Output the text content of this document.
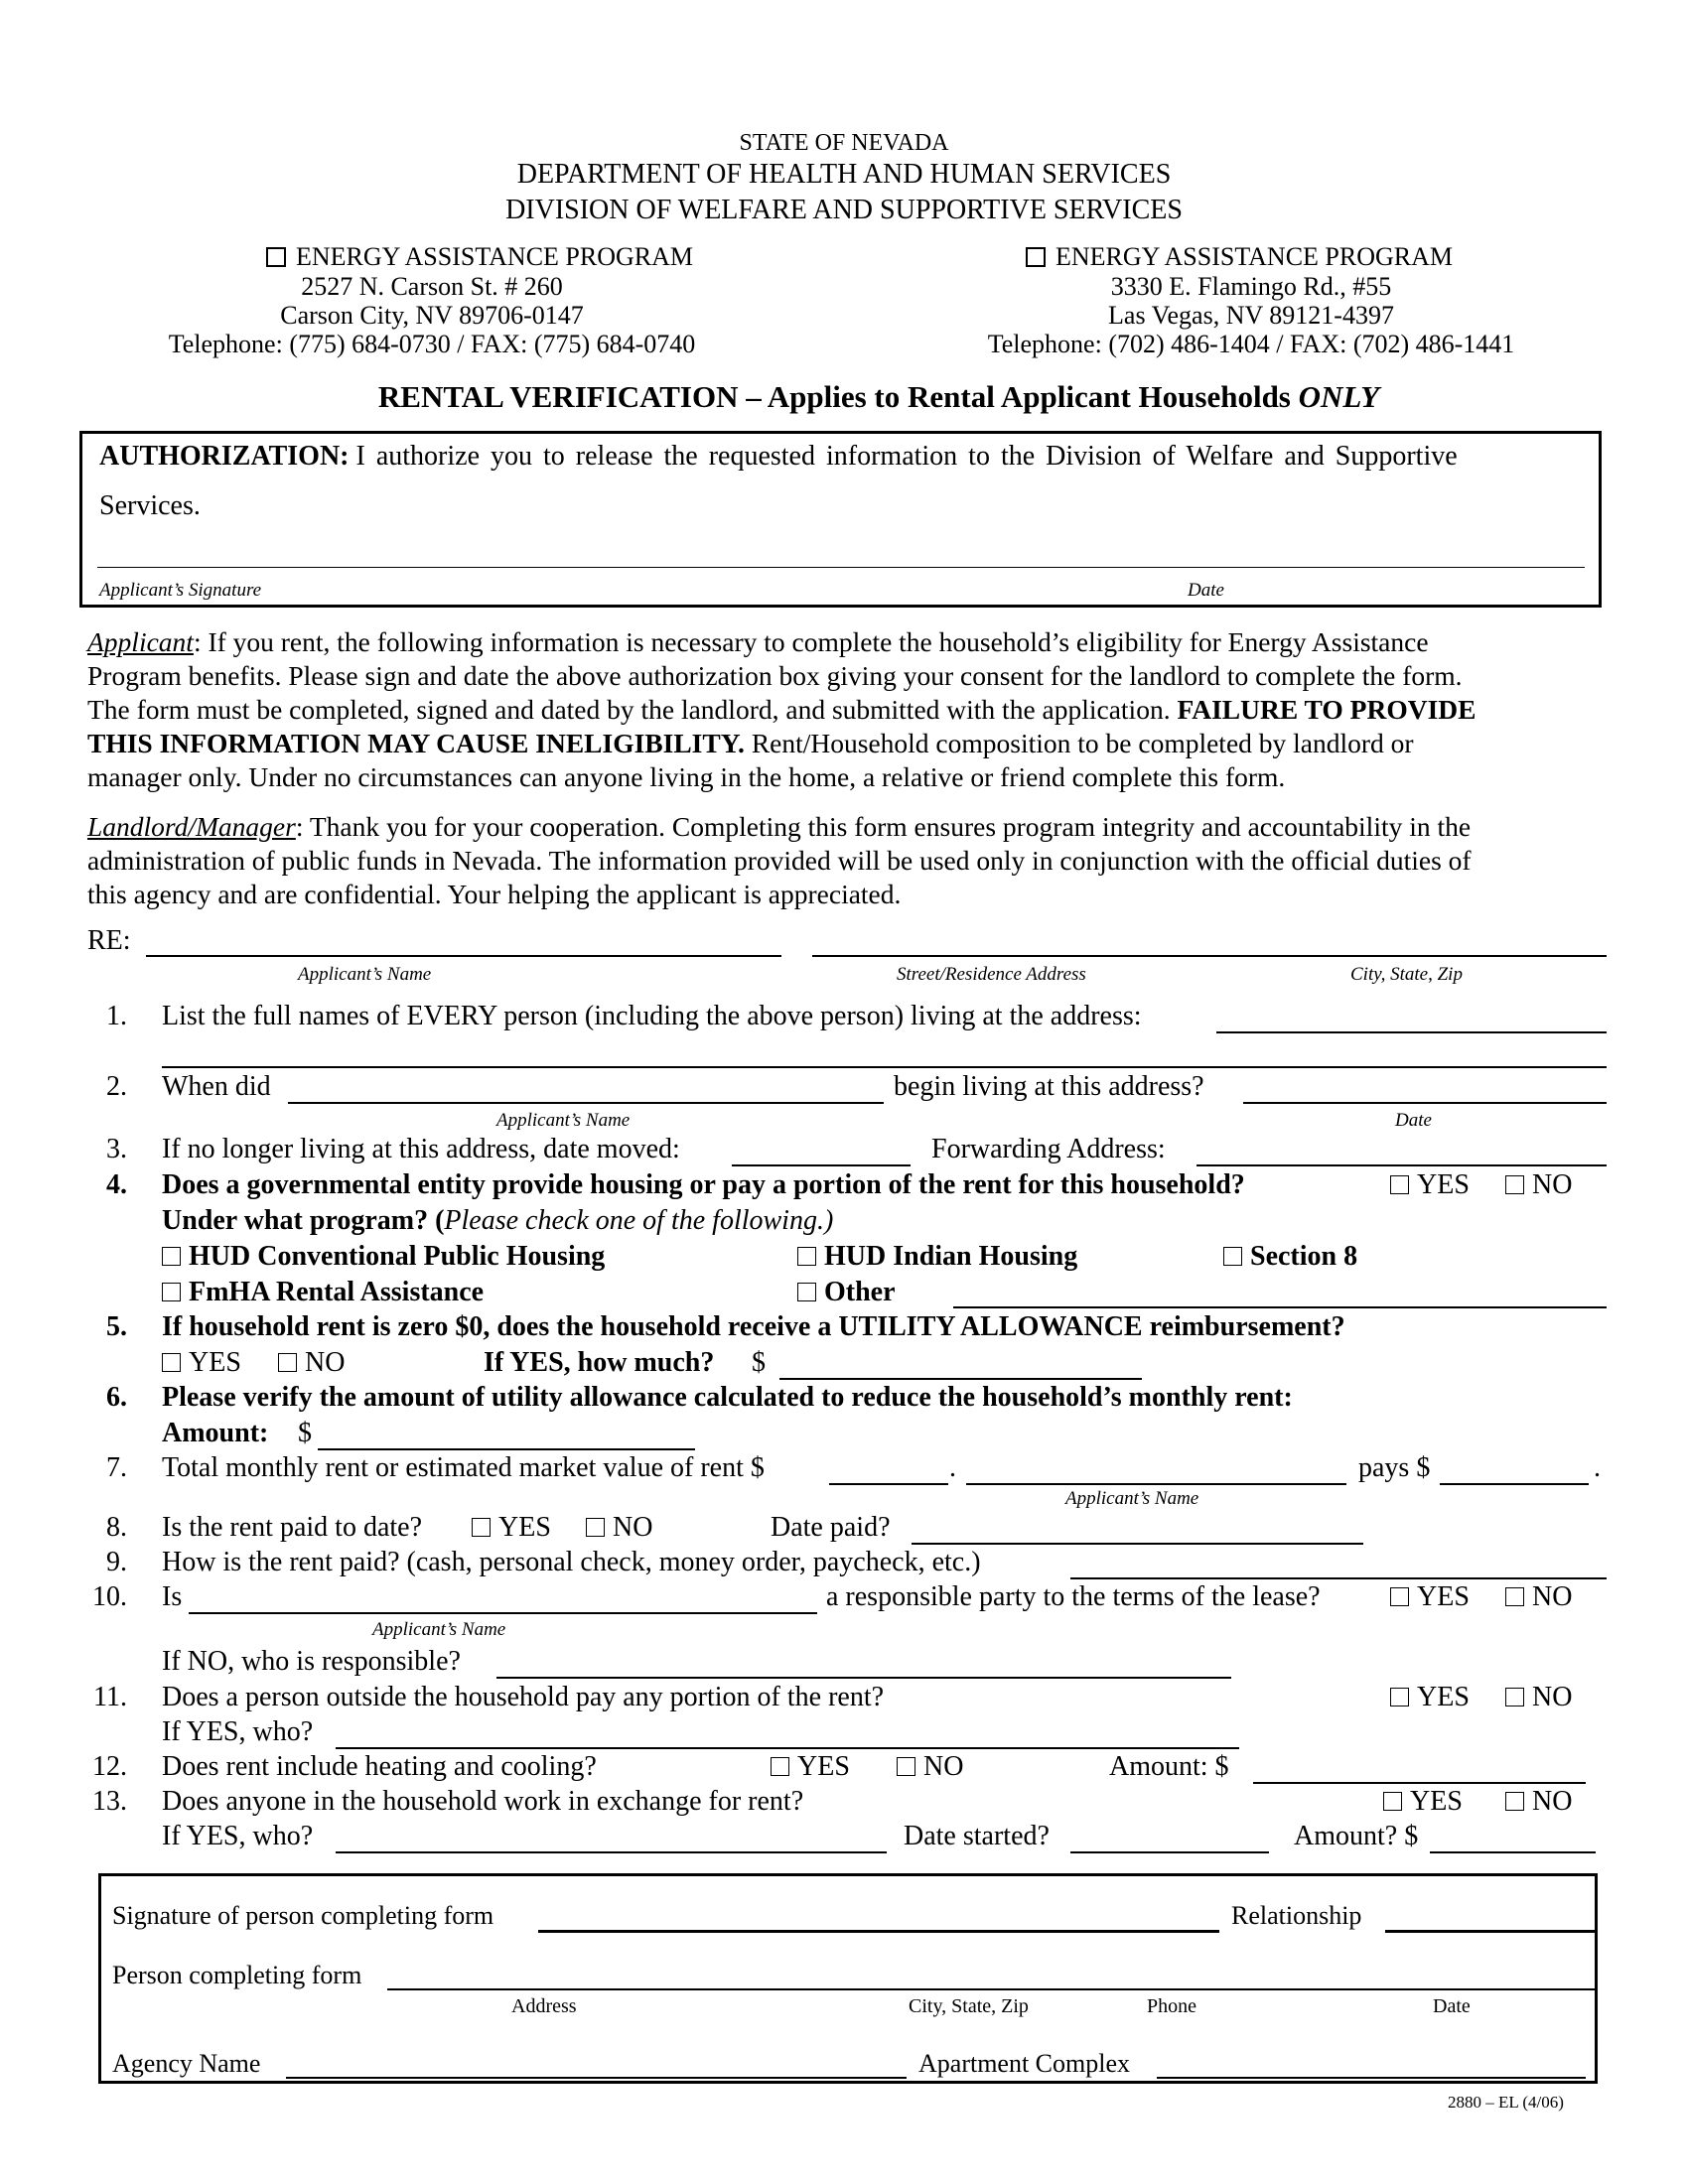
STATE OF NEVADA
DEPARTMENT OF HEALTH AND HUMAN SERVICES
DIVISION OF WELFARE AND SUPPORTIVE SERVICES
ENERGY ASSISTANCE PROGRAM
2527 N. Carson St. # 260
Carson City, NV 89706-0147
Telephone: (775) 684-0730 / FAX: (775) 684-0740
ENERGY ASSISTANCE PROGRAM
3330 E. Flamingo Rd., #55
Las Vegas, NV 89121-4397
Telephone: (702) 486-1404 / FAX: (702) 486-1441
RENTAL VERIFICATION – Applies to Rental Applicant Households ONLY
AUTHORIZATION: I authorize you to release the requested information to the Division of Welfare and Supportive
Services.
Applicant’s Signature	Date
Applicant: If you rent, the following information is necessary to complete the household’s eligibility for Energy Assistance
Program benefits. Please sign and date the above authorization box giving your consent for the landlord to complete the form.
The form must be completed, signed and dated by the landlord, and submitted with the application. FAILURE TO PROVIDE
THIS INFORMATION MAY CAUSE INELIGIBILITY. Rent/Household composition to be completed by landlord or
manager only. Under no circumstances can anyone living in the home, a relative or friend complete this form.
Landlord/Manager: Thank you for your cooperation. Completing this form ensures program integrity and accountability in the
administration of public funds in Nevada. The information provided will be used only in conjunction with the official duties of
this agency and are confidential. Your helping the applicant is appreciated.
RE:
Applicant’s Name	Street/Residence Address	City, State, Zip
1. List the full names of EVERY person (including the above person) living at the address:
2. When did	begin living at this address?
Applicant’s Name	Date
3. If no longer living at this address, date moved:	Forwarding Address:
4. Does a governmental entity provide housing or pay a portion of the rent for this household?	YES	NO
Under what program? (Please check one of the following.)
HUD Conventional Public Housing	HUD Indian Housing	Section 8
FmHA Rental Assistance	Other
5. If household rent is zero $0, does the household receive a UTILITY ALLOWANCE reimbursement?
YES	NO	If YES, how much? $
6. Please verify the amount of utility allowance calculated to reduce the household’s monthly rent:
Amount: $
7. Total monthly rent or estimated market value of rent $	.	pays $	.
Applicant’s Name
8. Is the rent paid to date?	YES	NO	Date paid?
9. How is the rent paid? (cash, personal check, money order, paycheck, etc.)
10. Is	a responsible party to the terms of the lease?	YES	NO
Applicant’s Name
If NO, who is responsible?
11. Does a person outside the household pay any portion of the rent?	YES	NO
If YES, who?
12. Does rent include heating and cooling?	YES	NO	Amount: $
13. Does anyone in the household work in exchange for rent?	YES	NO
If YES, who?	Date started?	Amount? $
Signature of person completing form	Relationship
Person completing form
Address	City, State, Zip	Phone	Date
Agency Name	Apartment Complex
2880 – EL (4/06)
